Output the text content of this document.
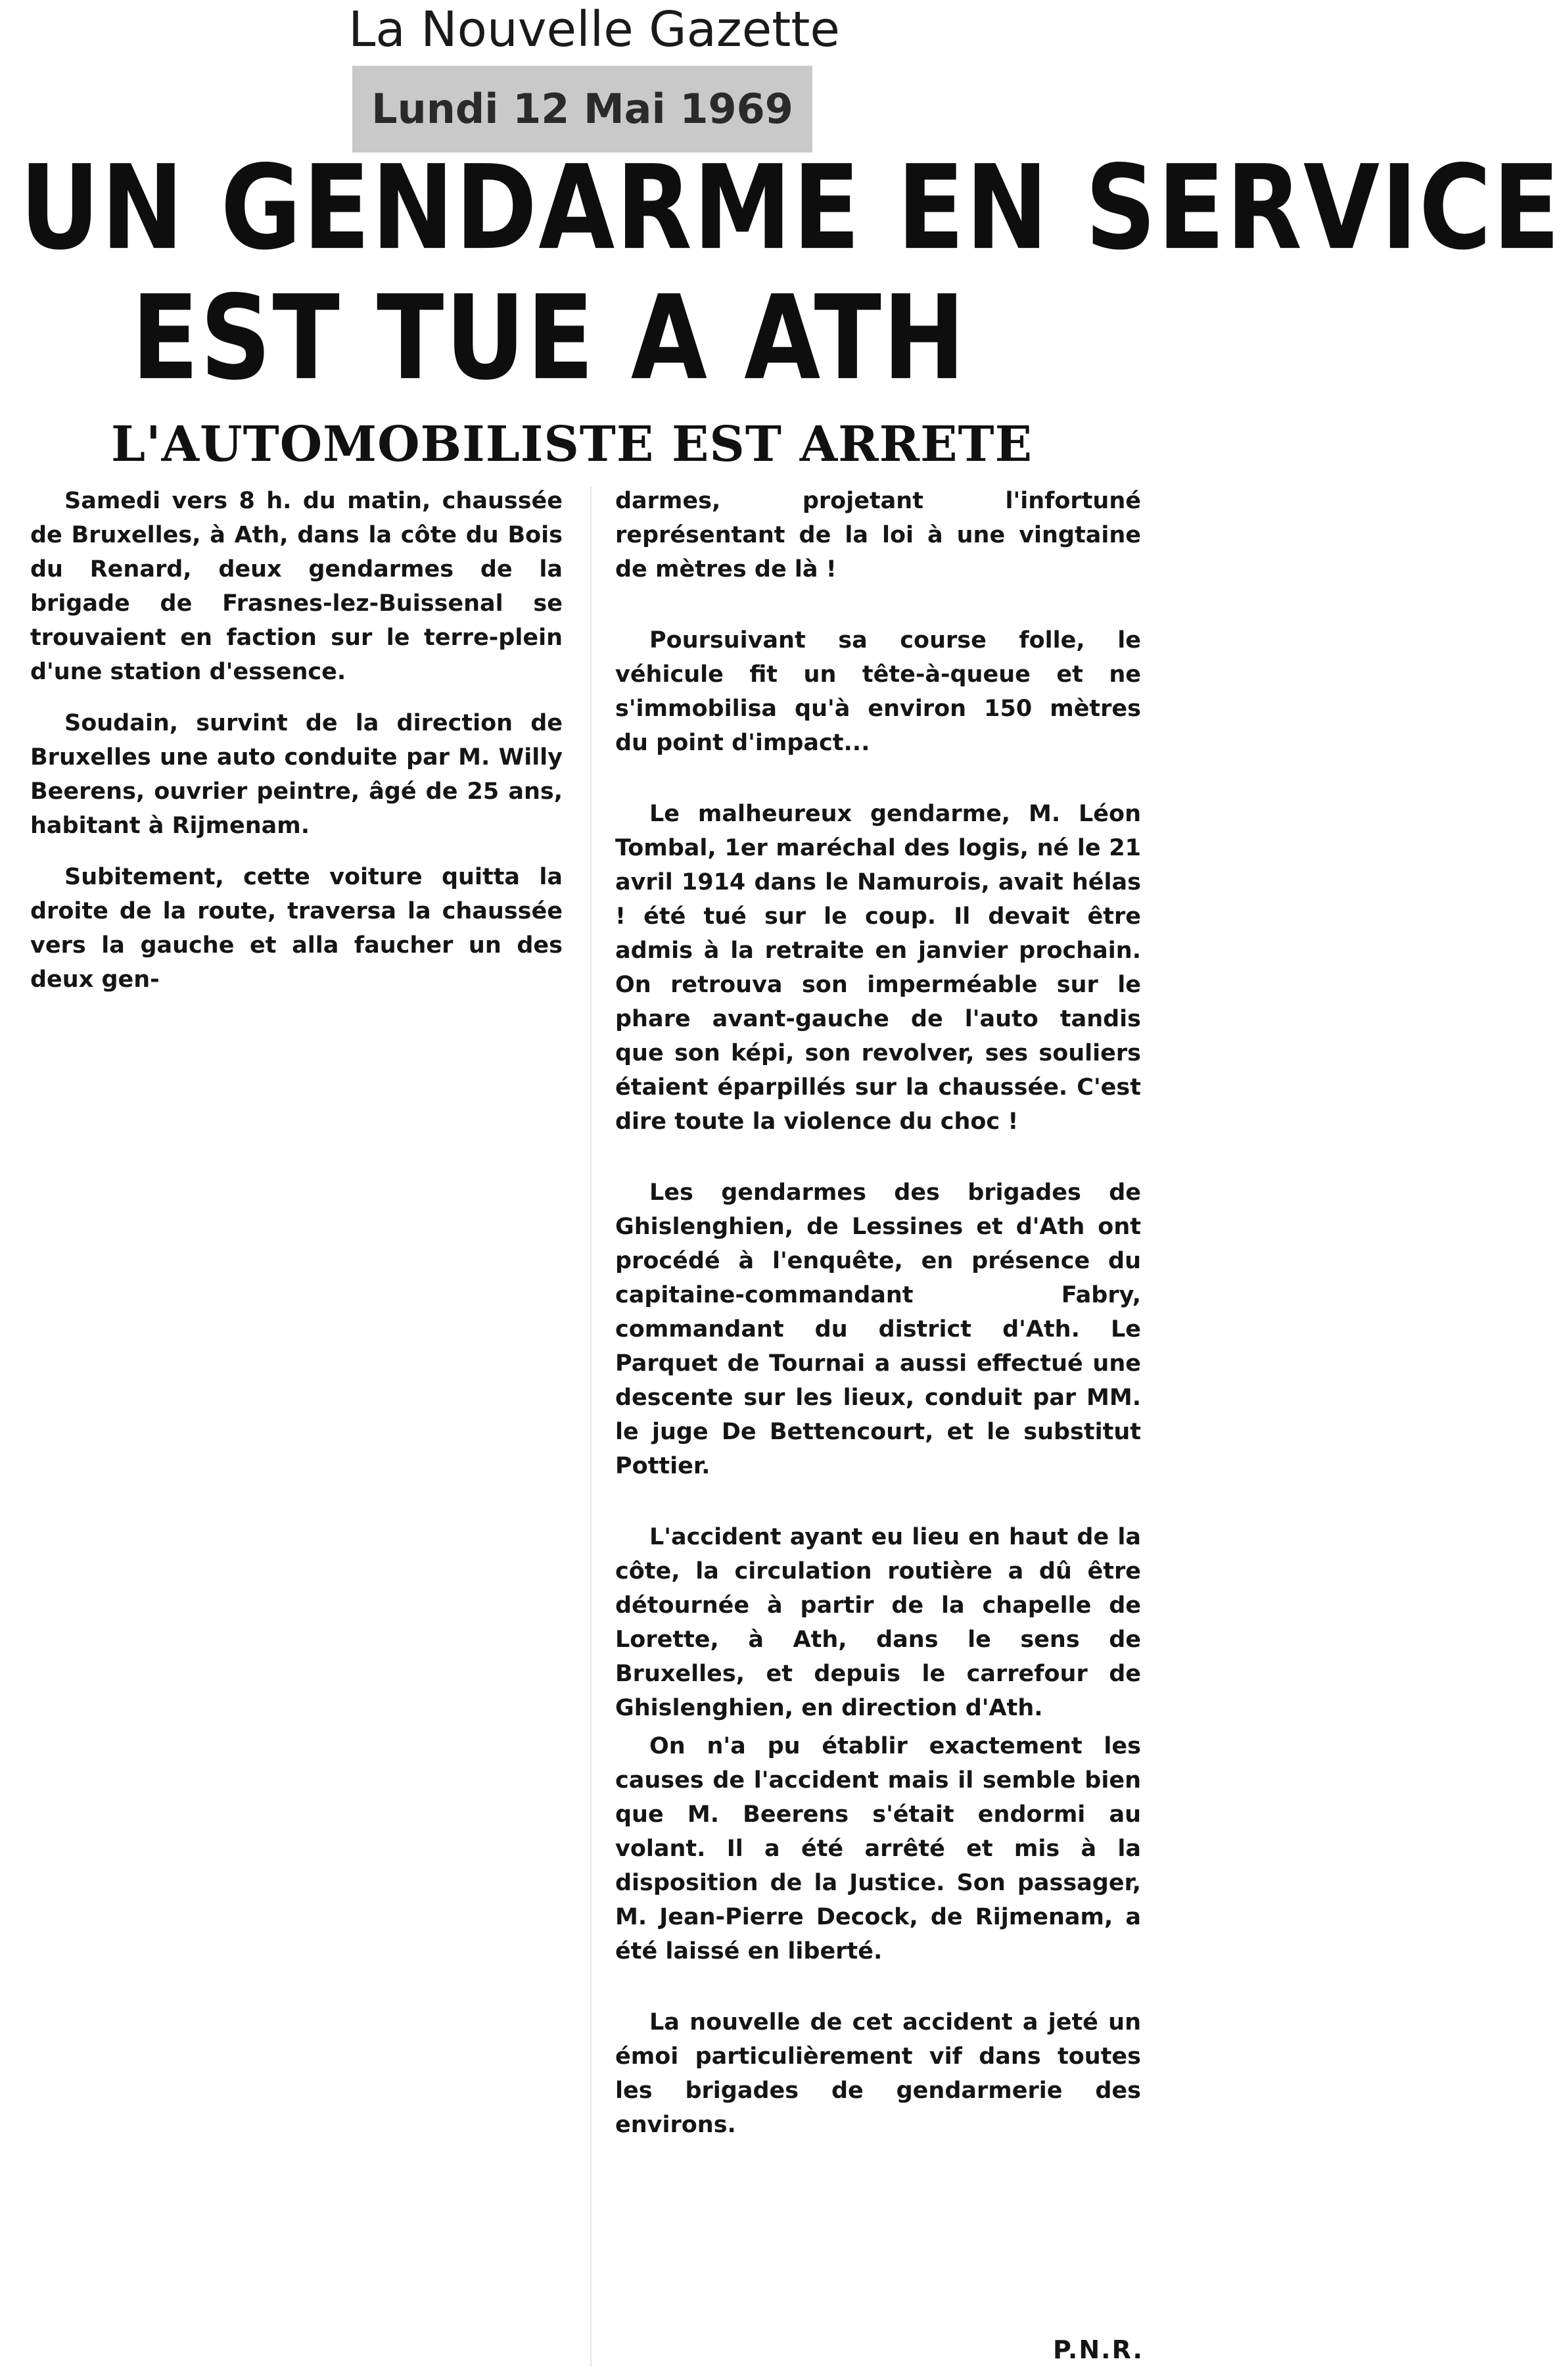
La Nouvelle Gazette
Lundi 12 Mai 1969
UN GENDARME EN SERVICE
EST TUE A ATH
L'AUTOMOBILISTE EST ARRETE

Samedi vers 8 h. du matin, chaussée de Bruxelles, à Ath, dans la côte du Bois du Renard, deux gendarmes de la brigade de Frasnes-lez-Buissenal se trouvaient en faction sur le terre-plein d'une station d'essence.

Soudain, survint de la direction de Bruxelles une auto conduite par M. Willy Beerens, ouvrier peintre, âgé de 25 ans, habitant à Rijmenam.

Subitement, cette voiture quitta la droite de la route, traversa la chaussée vers la gauche et alla faucher un des deux gen-

darmes, projetant l'infortuné représentant de la loi à une vingtaine de mètres de là !

Poursuivant sa course folle, le véhicule fit un tête-à-queue et ne s'immobilisa qu'à environ 150 mètres du point d'impact...

Le malheureux gendarme, M. Léon Tombal, 1er maréchal des logis, né le 21 avril 1914 dans le Namurois, avait hélas ! été tué sur le coup. Il devait être admis à la retraite en janvier prochain. On retrouva son imperméable sur le phare avant-gauche de l'auto tandis que son képi, son revolver, ses souliers étaient éparpillés sur la chaussée. C'est dire toute la violence du choc !

Les gendarmes des brigades de Ghislenghien, de Lessines et d'Ath ont procédé à l'enquête, en présence du capitaine-commandant Fabry, commandant du district d'Ath. Le Parquet de Tournai a aussi effectué une descente sur les lieux, conduit par MM. le juge De Bettencourt, et le substitut Pottier.

L'accident ayant eu lieu en haut de la côte, la circulation routière a dû être détournée à partir de la chapelle de Lorette, à Ath, dans le sens de Bruxelles, et depuis le carrefour de Ghislenghien, en direction d'Ath.

On n'a pu établir exactement les causes de l'accident mais il semble bien que M. Beerens s'était endormi au volant. Il a été arrêté et mis à la disposition de la Justice. Son passager, M. Jean-Pierre Decock, de Rijmenam, a été laissé en liberté.

La nouvelle de cet accident a jeté un émoi particulièrement vif dans toutes les brigades de gendarmerie des environs.

P.N.R.
